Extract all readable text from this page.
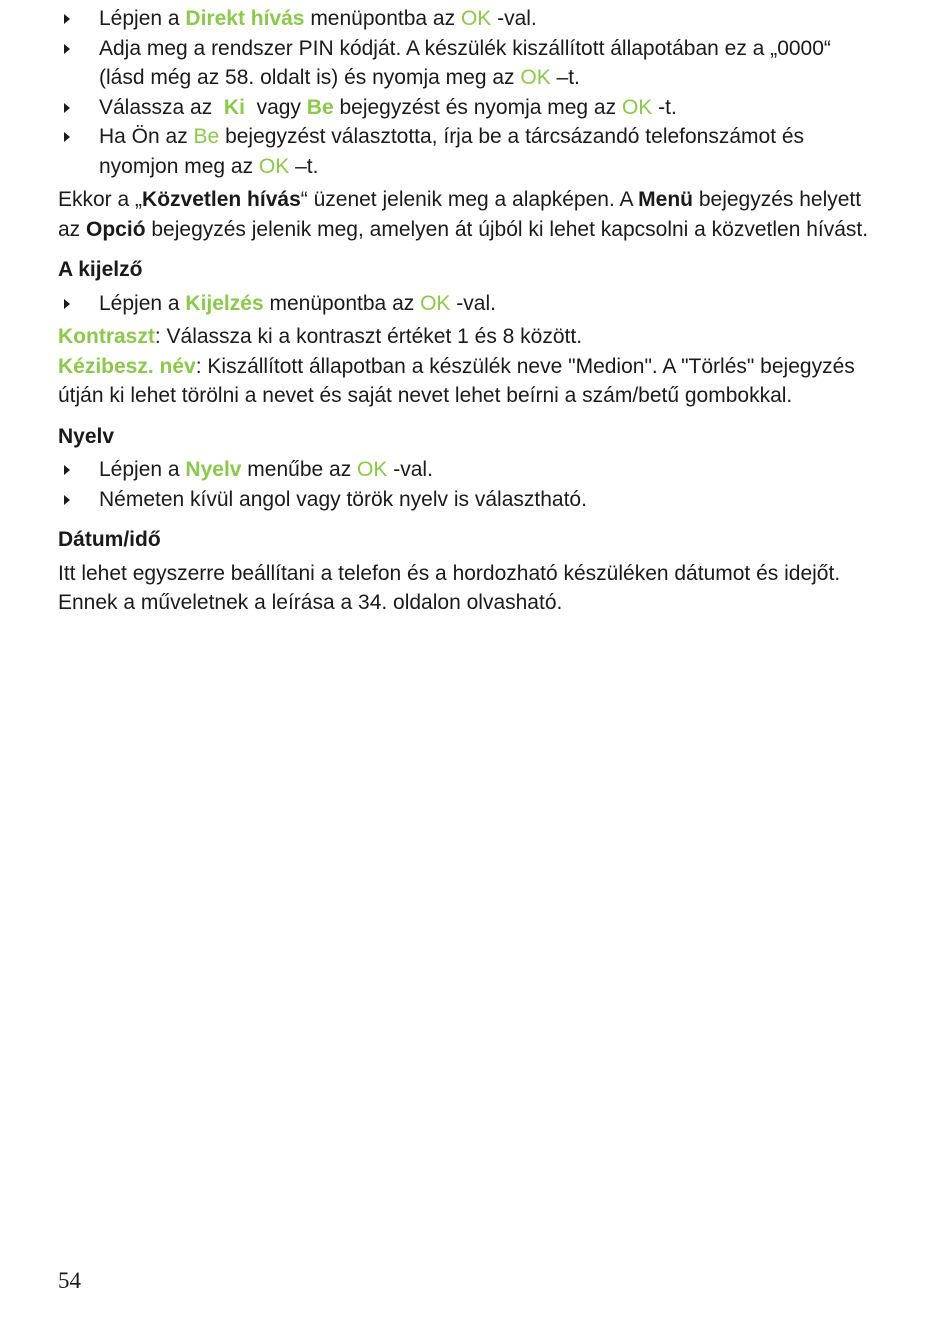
Lépjen a Direkt hívás menüpontba az OK -val.
Adja meg a rendszer PIN kódját. A készülék kiszállított állapotában ez a „0000“ (lásd még az 58. oldalt is) és nyomja meg az OK –t.
Válassza az  Ki  vagy Be bejegyzést és nyomja meg az OK -t.
Ha Ön az Be bejegyzést választotta, írja be a tárcsázandó telefonszámot és nyomjon meg az OK –t.

Ekkor a „Közvetlen hívás“ üzenet jelenik meg a alapképen. A Menü bejegyzés helyett az Opció bejegyzés jelenik meg, amelyen át újból ki lehet kapcsolni a közvetlen hívást.

A kijelző
Lépjen a Kijelzés menüpontba az OK -val.

Kontraszt: Válassza ki a kontraszt értéket 1 és 8 között.

Kézibesz. név: Kiszállított állapotban a készülék neve "Medion". A "Törlés" bejegyzés útján ki lehet törölni a nevet és saját nevet lehet beírni a szám/betű gombokkal.

Nyelv
Lépjen a Nyelv menűbe az OK -val.
Németen kívül angol vagy török nyelv is választható.
Dátum/idő

Itt lehet egyszerre beállítani a telefon és a hordozható készüléken dátumot és idejőt. Ennek a műveletnek a leírása a 34. oldalon olvasható.

54
